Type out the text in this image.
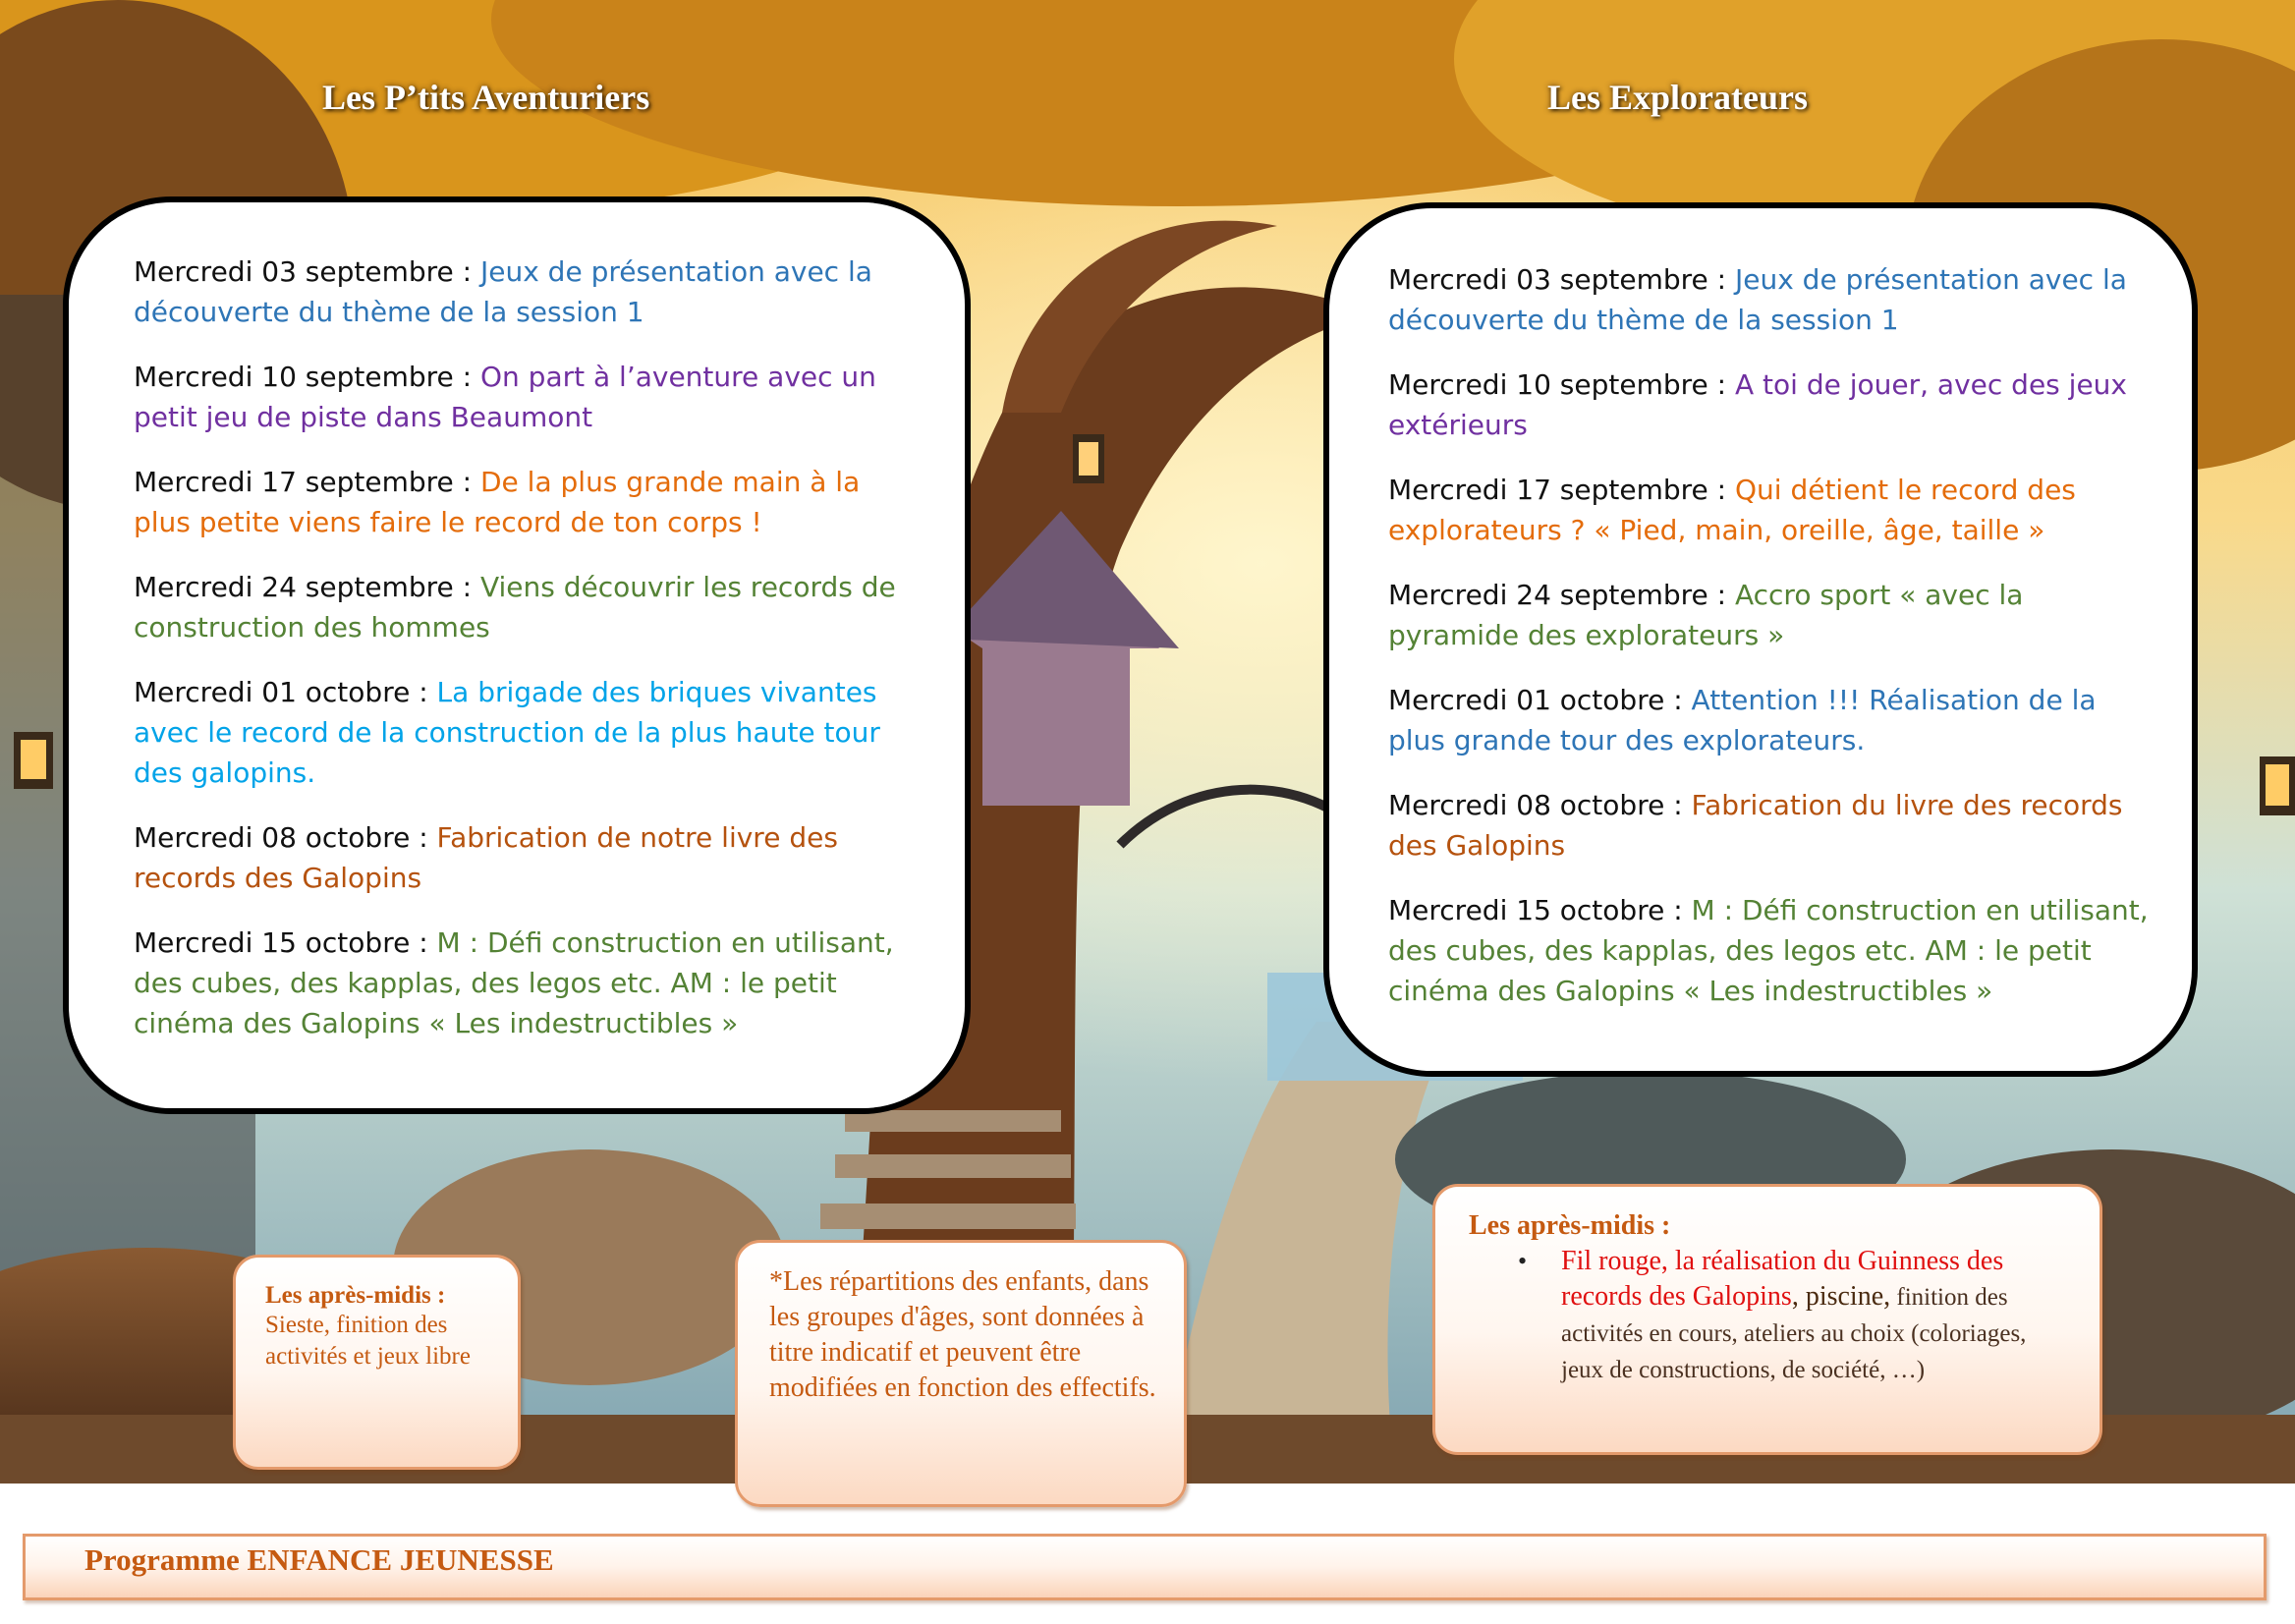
Les P’tits Aventuriers	Les Explorateurs

Mercredi 03 septembre : Jeux de présentation avec la découverte du thème de la session 1

Mercredi 10 septembre : On part à l’aventure avec un petit jeu de piste dans Beaumont

Mercredi 17 septembre : De la plus grande main à la plus petite viens faire le record de ton corps !

Mercredi 24 septembre : Viens découvrir les records de construction des hommes

Mercredi 01 octobre : La brigade des briques vivantes avec le record de la construction de la plus haute tour des galopins.

Mercredi 08 octobre : Fabrication de notre livre des records des Galopins

Mercredi 15 octobre : M : Défi construction en utilisant, des cubes, des kapplas, des legos etc. AM : le petit cinéma des Galopins « Les indestructibles »

Mercredi 03 septembre : Jeux de présentation avec la découverte du thème de la session 1

Mercredi 10 septembre : A toi de jouer, avec des jeux extérieurs

Mercredi 17 septembre : Qui détient le record des explorateurs ? « Pied, main, oreille, âge, taille »

Mercredi 24 septembre : Accro sport « avec la pyramide des explorateurs »

Mercredi 01 octobre : Attention !!! Réalisation de la plus grande tour des explorateurs.

Mercredi 08 octobre : Fabrication du livre des records des Galopins

Mercredi 15 octobre : M : Défi construction en utilisant, des cubes, des kapplas, des legos etc. AM : le petit cinéma des Galopins « Les indestructibles »

Les après-midis :
Sieste, finition des activités et jeux libre
*Les répartitions des enfants, dans les groupes d'âges, sont données à titre indicatif et peuvent être modifiées en fonction des effectifs.
Les après-midis :
• Fil rouge, la réalisation du Guinness des records des Galopins, piscine, finition des activités en cours, ateliers au choix (coloriages, jeux de constructions, de société, …)
Programme ENFANCE JEUNESSE
